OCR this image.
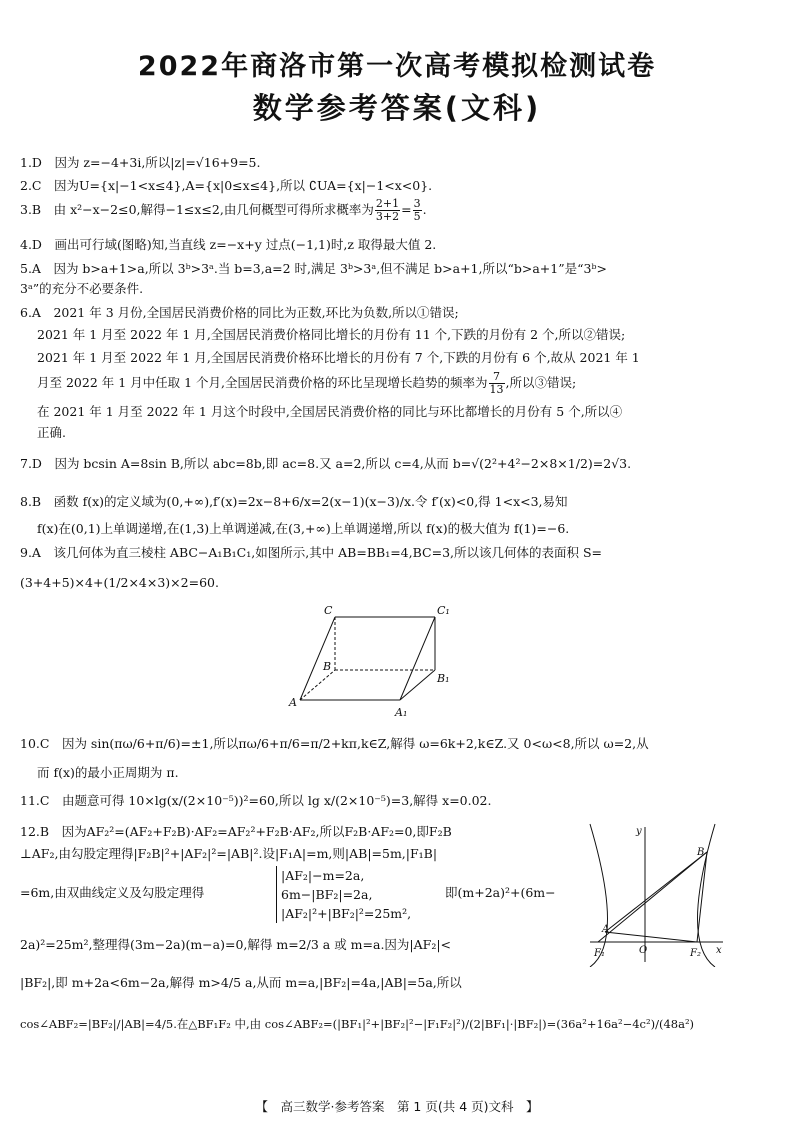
2022年商洛市第一次高考模拟检测试卷
数学参考答案(文科)
1.D　因为 z=−4+3i,所以|z|=√16+9=5.
2.C　因为U={x|−1<x≤4},A={x|0≤x≤4},所以 ∁UA={x|−1<x<0}.
3.B　由 x²−x−2≤0,解得−1≤x≤2,由几何概型可得所求概率为 $\frac{2+1}{3+2} = \frac{3}{5}$ .
4.D　画出可行域(图略)知,当直线 z=−x+y 过点(−1,1)时,z 取得最大值 2.
5.A　因为 b>a+1>a,所以 3ᵇ>3ᵃ.当 b=3,a=2 时,满足 3ᵇ>3ᵃ,但不满足 b>a+1,所以“b>a+1”是“3ᵇ>
3ᵃ”的充分不必要条件.
6.A　2021 年 3 月份,全国居民消费价格的同比为正数,环比为负数,所以①错误;
2021 年 1 月至 2022 年 1 月,全国居民消费价格同比增长的月份有 11 个,下跌的月份有 2 个,所以②错误;
2021 年 1 月至 2022 年 1 月,全国居民消费价格环比增长的月份有 7 个,下跌的月份有 6 个,故从 2021 年 1
月至 2022 年 1 月中任取 1 个月,全国居民消费价格的环比呈现增长趋势的频率为 $\frac{7}{13}$ ,所以③错误;
在 2021 年 1 月至 2022 年 1 月这个时段中,全国居民消费价格的同比与环比都增长的月份有 5 个,所以④
正确.
7.D　因为 bcsin A=8sin B,所以 abc=8b,即 ac=8.又 a=2,所以 c=4,从而 b=√(2²+4²−2×8×1/2)=2√3.
8.B　函数 f(x)的定义域为(0,+∞),f′(x)=2x−8+6/x=2(x−1)(x−3)/x.令 f′(x)<0,得 1<x<3,易知
f(x)在(0,1)上单调递增,在(1,3)上单调递减,在(3,+∞)上单调递增,所以 f(x)的极大值为 f(1)=−6.
9.A　该几何体为直三棱柱 ABC−A₁B₁C₁,如图所示,其中 AB=BB₁=4,BC=3,所以该几何体的表面积 S=
(3+4+5)×4+(1/2×4×3)×2=60.
C	C₁
B
B₁
A
A₁
10.C　因为 sin(πω/6+π/6)=±1,所以πω/6+π/6=π/2+kπ,k∈Z,解得 ω=6k+2,k∈Z.又 0<ω<8,所以 ω=2,从
而 f(x)的最小正周期为 π.
11.C　由题意可得 10×lg(x/(2×10⁻⁵))²=60,所以 lg x/(2×10⁻⁵)=3,解得 x=0.02.
12.B　因为AF₂²=(AF₂+F₂B)·AF₂=AF₂²+F₂B·AF₂,所以F₂B·AF₂=0,即F₂B
⊥AF₂,由勾股定理得|F₂B|²+|AF₂|²=|AB|².设|F₁A|=m,则|AB|=5m,|F₁B|
=6m,由双曲线定义及勾股定理得
|AF₂|−m=2a,
6m−|BF₂|=2a,
|AF₂|²+|BF₂|²=25m²,
即(m+2a)²+(6m−
2a)²=25m²,整理得(3m−2a)(m−a)=0,解得 m=2/3 a 或 m=a.因为|AF₂|<
|BF₂|,即 m+2a<6m−2a,解得 m>4/5 a,从而 m=a,|BF₂|=4a,|AB|=5a,所以
cos∠ABF₂=|BF₂|/|AB|=4/5.在△BF₁F₂ 中,由 cos∠ABF₂=(|BF₁|²+|BF₂|²−|F₁F₂|²)/(2|BF₁|·|BF₂|)=(36a²+16a²−4c²)/(48a²)
y
x
B
A
O
F₁	F₂
【　高三数学·参考答案　第 1 页(共 4 页)文科　】
